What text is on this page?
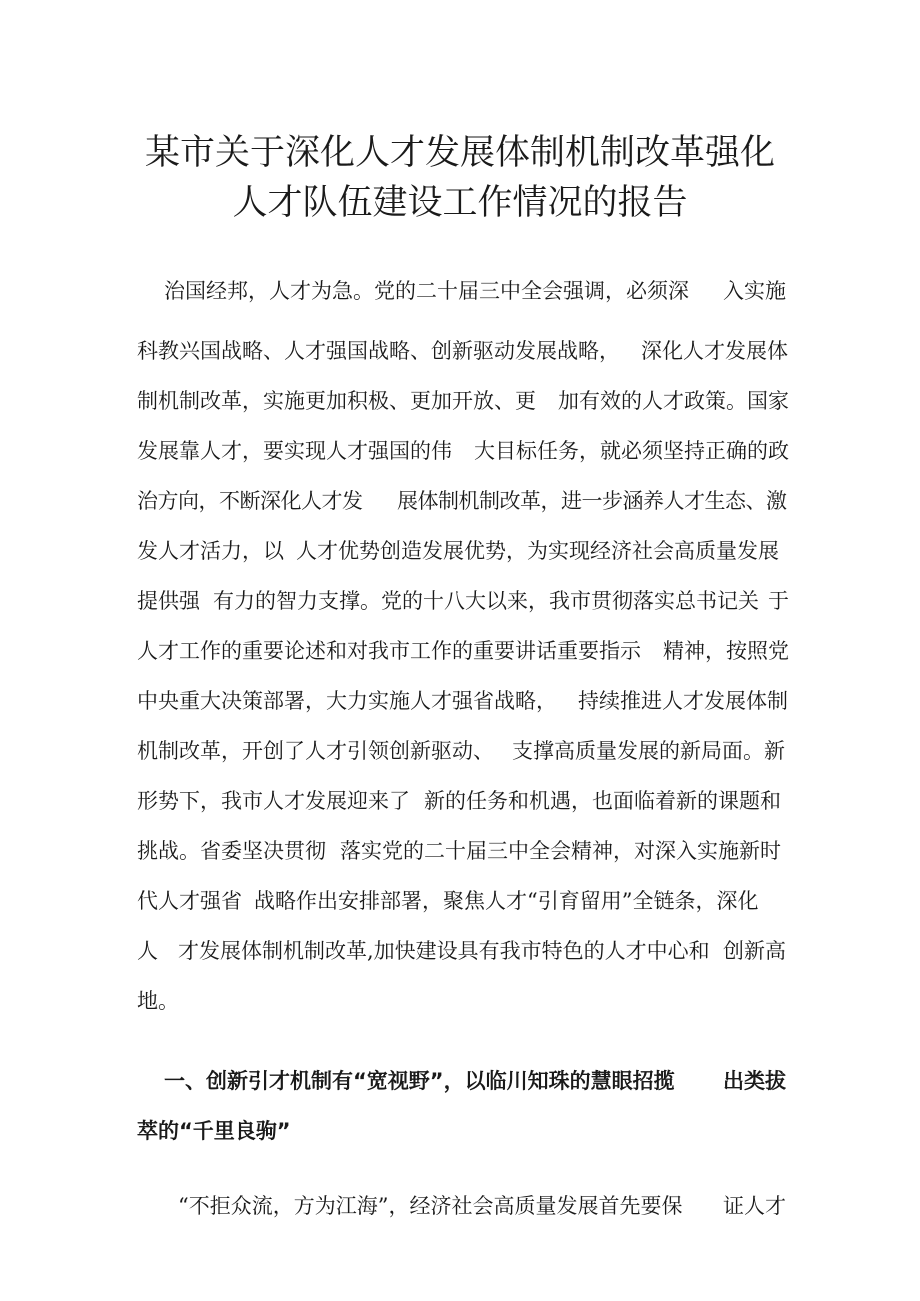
某市关于深化人才发展体制机制改革强化
人才队伍建设工作情况的报告
治国经邦，人才为急。党的二十届三中全会强调，必须深 入实施
科教兴国战略、人才强国战略、创新驱动发展战略， 深化人才发展体
制机制改革，实施更加积极、更加开放、更 加有效的人才政策。国家
发展靠人才，要实现人才强国的伟 大目标任务，就必须坚持正确的政
治方向，不断深化人才发 展体制机制改革，进一步涵养人才生态、激
发人才活力，以 人才优势创造发展优势，为实现经济社会高质量发展
提供强 有力的智力支撑。党的十八大以来，我市贯彻落实总书记关 于
人才工作的重要论述和对我市工作的重要讲话重要指示 精神，按照党
中央重大决策部署，大力实施人才强省战略， 持续推进人才发展体制
机制改革，开创了人才引领创新驱动、 支撑高质量发展的新局面。新
形势下，我市人才发展迎来了 新的任务和机遇，也面临着新的课题和
挑战。省委坚决贯彻 落实党的二十届三中全会精神，对深入实施新时
代人才强省 战略作出安排部署，聚焦人才“引育留用”全链条，深化
人 才发展体制机制改革,加快建设具有我市特色的人才中心和 创新高
地。
一、创新引才机制有“宽视野”，以临川知珠的慧眼招揽 出类拔
萃的“千里良驹”
“不拒众流，方为江海”，经济社会高质量发展首先要保 证人才
